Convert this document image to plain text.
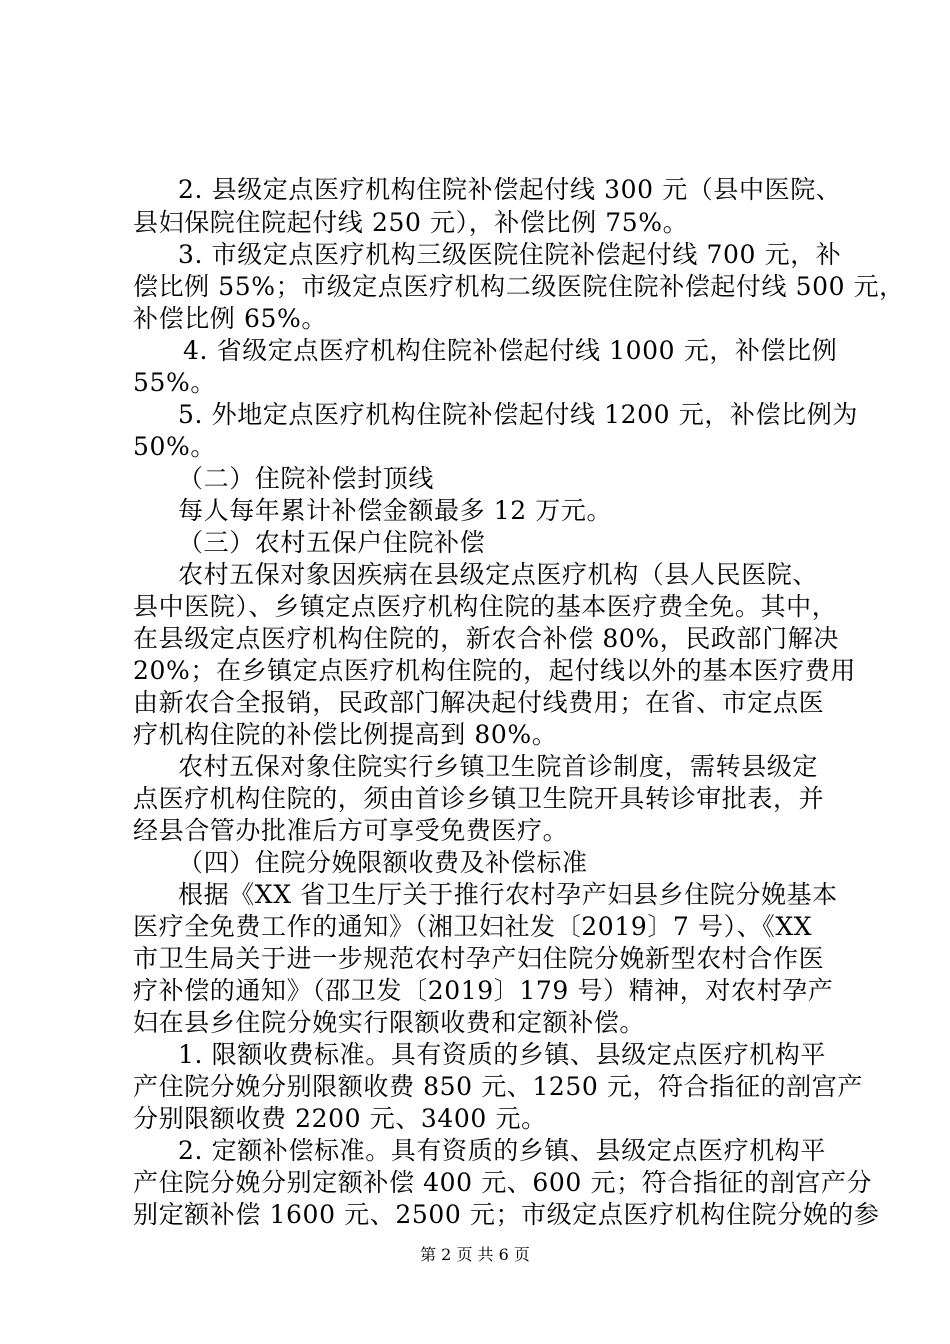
2. 县级定点医疗机构住院补偿起付线 300 元（县中医院、
县妇保院住院起付线 250 元），补偿比例 75%。
3. 市级定点医疗机构三级医院住院补偿起付线 700 元，补
偿比例 55%；市级定点医疗机构二级医院住院补偿起付线 500 元，
补偿比例 65%。
4. 省级定点医疗机构住院补偿起付线 1000 元，补偿比例
55%。
5. 外地定点医疗机构住院补偿起付线 1200 元，补偿比例为
50%。
（二）住院补偿封顶线
每人每年累计补偿金额最多 12 万元。
（三）农村五保户住院补偿
农村五保对象因疾病在县级定点医疗机构（县人民医院、
县中医院）、乡镇定点医疗机构住院的基本医疗费全免。其中，
在县级定点医疗机构住院的，新农合补偿 80%，民政部门解决
20%；在乡镇定点医疗机构住院的，起付线以外的基本医疗费用
由新农合全报销，民政部门解决起付线费用；在省、市定点医
疗机构住院的补偿比例提高到 80%。
农村五保对象住院实行乡镇卫生院首诊制度，需转县级定
点医疗机构住院的，须由首诊乡镇卫生院开具转诊审批表，并
经县合管办批准后方可享受免费医疗。
（四）住院分娩限额收费及补偿标准
根据《XX 省卫生厅关于推行农村孕产妇县乡住院分娩基本
医疗全免费工作的通知》（湘卫妇社发〔2019〕7 号）、《XX
市卫生局关于进一步规范农村孕产妇住院分娩新型农村合作医
疗补偿的通知》（邵卫发〔2019〕179 号）精神，对农村孕产
妇在县乡住院分娩实行限额收费和定额补偿。
1. 限额收费标准。具有资质的乡镇、县级定点医疗机构平
产住院分娩分别限额收费 850 元、1250 元，符合指征的剖宫产
分别限额收费 2200 元、3400 元。
2. 定额补偿标准。具有资质的乡镇、县级定点医疗机构平
产住院分娩分别定额补偿 400 元、600 元；符合指征的剖宫产分
别定额补偿 1600 元、2500 元；市级定点医疗机构住院分娩的参
第 2 页 共 6 页
